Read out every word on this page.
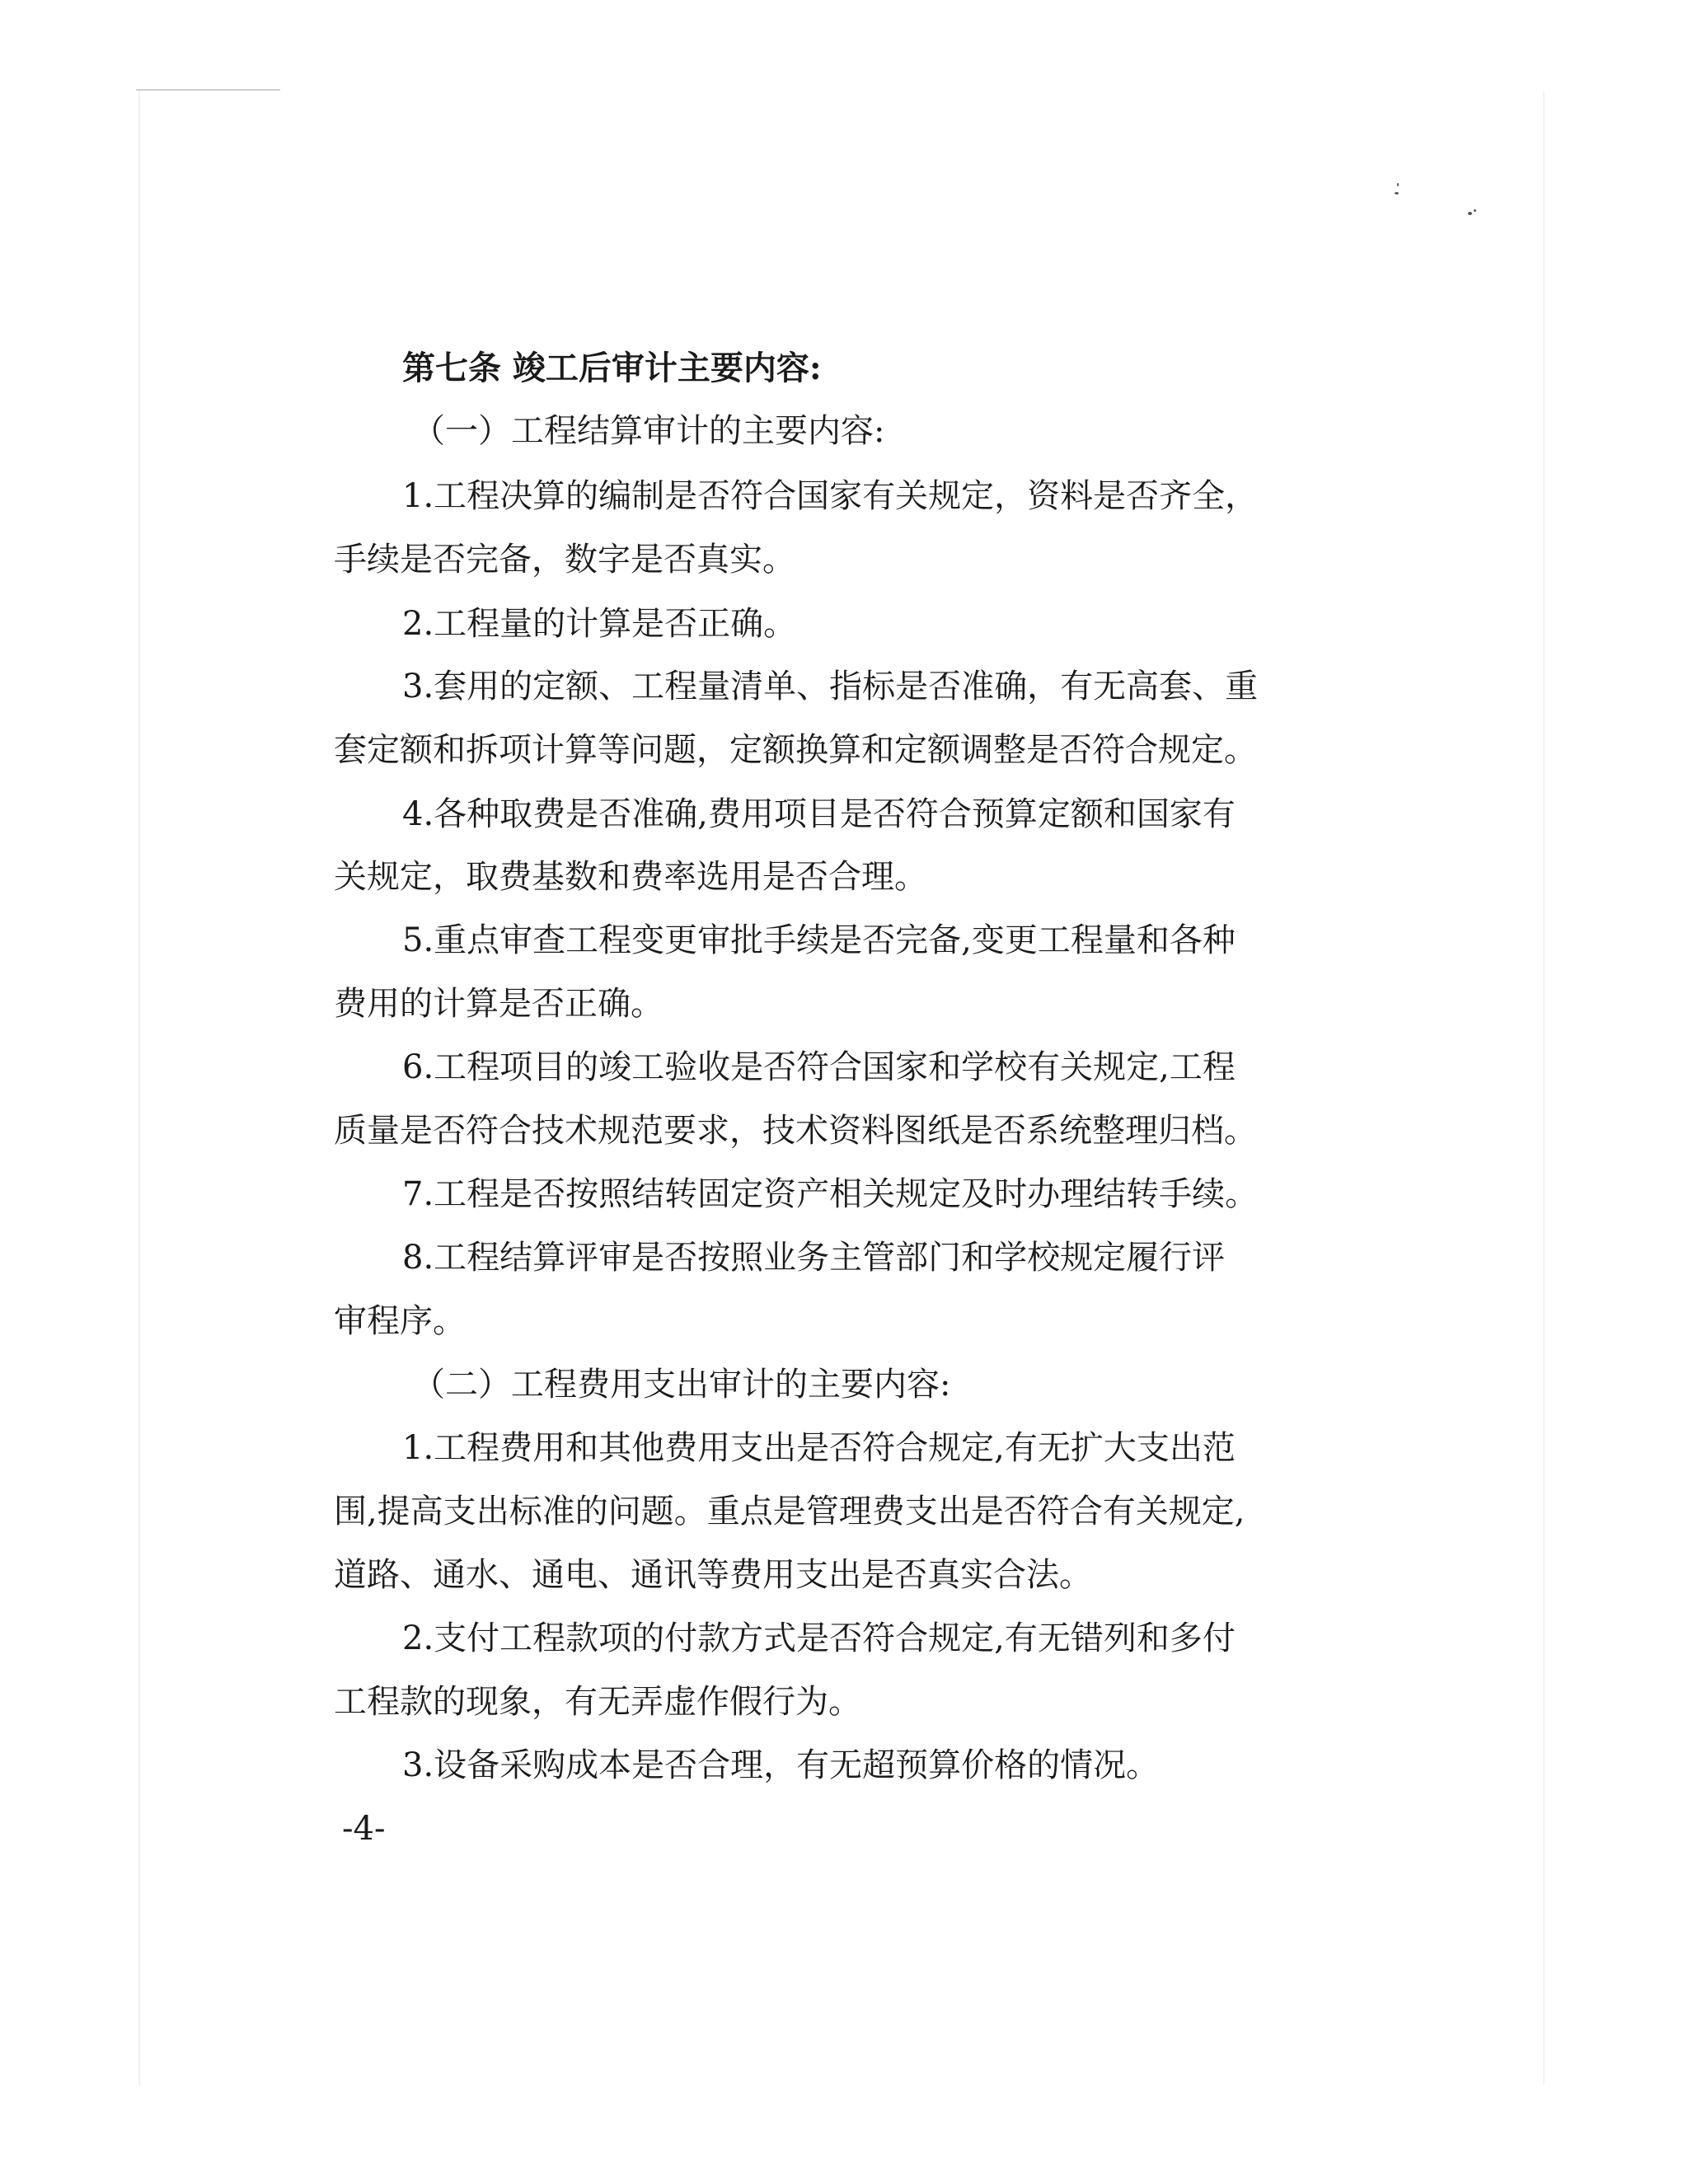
第七条 竣工后审计主要内容:
（一）工程结算审计的主要内容:
1.工程决算的编制是否符合国家有关规定，资料是否齐全，
手续是否完备，数字是否真实。
2.工程量的计算是否正确。
3.套用的定额、工程量清单、指标是否准确，有无高套、重
套定额和拆项计算等问题，定额换算和定额调整是否符合规定。
4.各种取费是否准确,费用项目是否符合预算定额和国家有
关规定，取费基数和费率选用是否合理。
5.重点审查工程变更审批手续是否完备,变更工程量和各种
费用的计算是否正确。
6.工程项目的竣工验收是否符合国家和学校有关规定,工程
质量是否符合技术规范要求，技术资料图纸是否系统整理归档。
7.工程是否按照结转固定资产相关规定及时办理结转手续。
8.工程结算评审是否按照业务主管部门和学校规定履行评
审程序。
（二）工程费用支出审计的主要内容:
1.工程费用和其他费用支出是否符合规定,有无扩大支出范
围,提高支出标准的问题。重点是管理费支出是否符合有关规定,
道路、通水、通电、通讯等费用支出是否真实合法。
2.支付工程款项的付款方式是否符合规定,有无错列和多付
工程款的现象，有无弄虚作假行为。
3.设备采购成本是否合理，有无超预算价格的情况。
-4-
